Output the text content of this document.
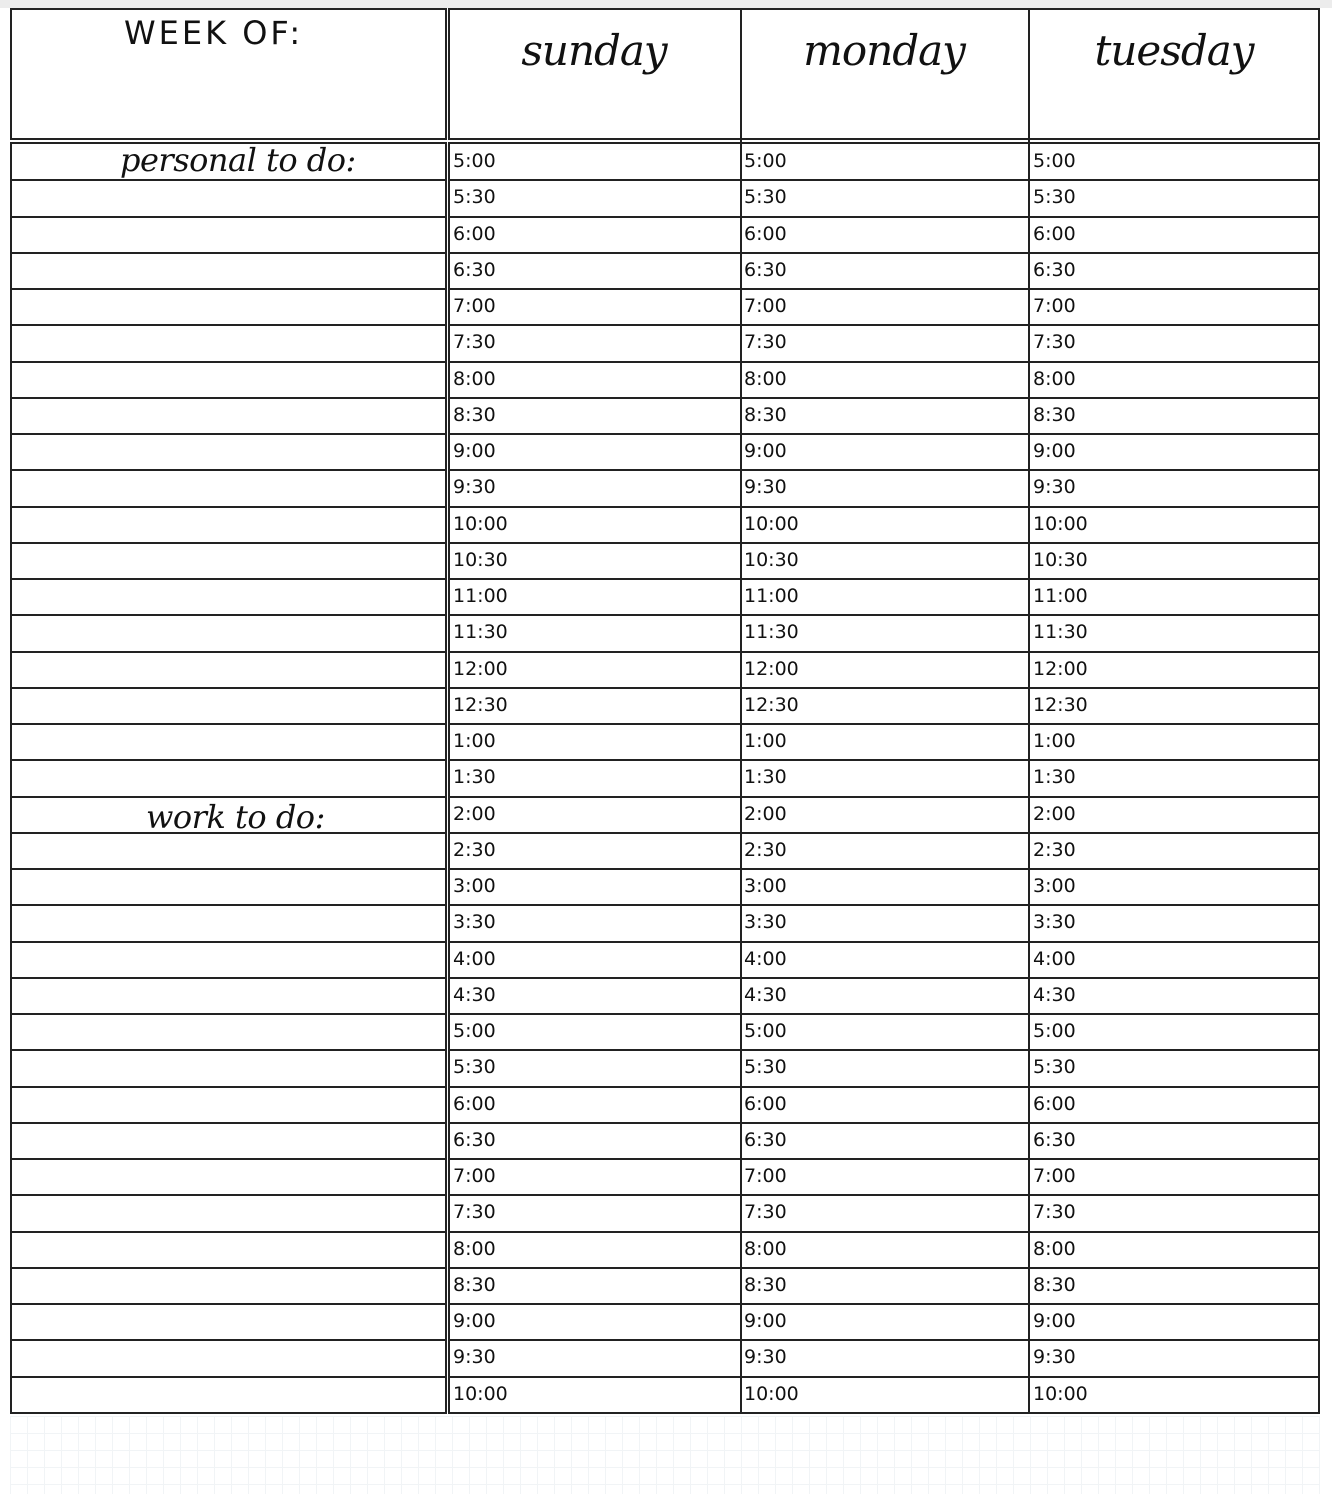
WEEK OF:
5:00
5:30
6:00
6:30
7:00
7:30
8:00
8:30
9:00
9:30
10:00
10:30
11:00
11:30
12:00
12:30
1:00
1:30
2:00
2:30
3:00
3:30
4:00
4:30
5:00
5:30
6:00
6:30
7:00
7:30
8:00
8:30
9:00
9:30
10:00
5:00
5:30
6:00
6:30
7:00
7:30
8:00
8:30
9:00
9:30
10:00
10:30
11:00
11:30
12:00
12:30
1:00
1:30
2:00
2:30
3:00
3:30
4:00
4:30
5:00
5:30
6:00
6:30
7:00
7:30
8:00
8:30
9:00
9:30
10:00
5:00
5:30
6:00
6:30
7:00
7:30
8:00
8:30
9:00
9:30
10:00
10:30
11:00
11:30
12:00
12:30
1:00
1:30
2:00
2:30
3:00
3:30
4:00
4:30
5:00
5:30
6:00
6:30
7:00
7:30
8:00
8:30
9:00
9:30
10:00
sunday	monday	tuesday
personal to do:
work to do:
